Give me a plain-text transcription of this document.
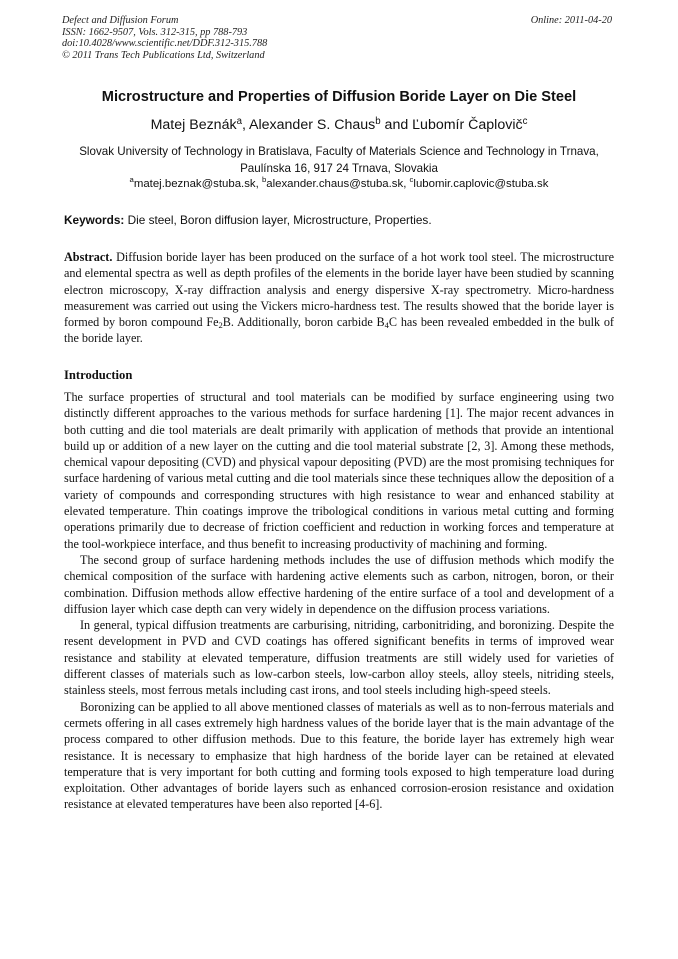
Defect and Diffusion Forum
ISSN: 1662-9507, Vols. 312-315, pp 788-793
doi:10.4028/www.scientific.net/DDF.312-315.788
© 2011 Trans Tech Publications Ltd, Switzerland
Online: 2011-04-20
Microstructure and Properties of Diffusion Boride Layer on Die Steel
Matej Beznák$^a$, Alexander S. Chaus$^b$ and Ľubomír Čaplovič$^c$
Slovak University of Technology in Bratislava, Faculty of Materials Science and Technology in Trnava, Paulínska 16, 917 24 Trnava, Slovakia
$^a$matej.beznak@stuba.sk, $^b$alexander.chaus@stuba.sk, $^c$lubomir.caplovic@stuba.sk
Keywords: Die steel, Boron diffusion layer, Microstructure, Properties.
Abstract. Diffusion boride layer has been produced on the surface of a hot work tool steel. The microstructure and elemental spectra as well as depth profiles of the elements in the boride layer have been studied by scanning electron microscopy, X-ray diffraction analysis and energy dispersive X-ray spectrometry. Micro-hardness measurement was carried out using the Vickers micro-hardness test. The results showed that the boride layer is formed by boron compound $Fe_2B$. Additionally, boron carbide $B_4C$ has been revealed embedded in the bulk of the boride layer.
Introduction

The surface properties of structural and tool materials can be modified by surface engineering using two distinctly different approaches to the various methods for surface hardening [1]. The major recent advances in both cutting and die tool materials are dealt primarily with application of methods that provide an intentional build up or addition of a new layer on the cutting and die tool material substrate [2, 3]. Among these methods, chemical vapour depositing (CVD) and physical vapour depositing (PVD) are the most promising techniques for surface hardening of various metal cutting and die tool materials since these techniques allow the deposition of a variety of compounds and corresponding structures with high resistance to wear and enhanced stability at elevated temperature. Thin coatings improve the tribological conditions in various metal cutting and forming operations primarily due to decrease of friction coefficient and reduction in working forces and temperature at the tool-workpiece interface, and thus benefit to increasing productivity of machining and forming.

The second group of surface hardening methods includes the use of diffusion methods which modify the chemical composition of the surface with hardening active elements such as carbon, nitrogen, boron, or their combination. Diffusion methods allow effective hardening of the entire surface of a tool and development of a diffusion layer which case depth can very widely in dependence on the diffusion process variations.

In general, typical diffusion treatments are carburising, nitriding, carbonitriding, and boronizing. Despite the resent development in PVD and CVD coatings has offered significant benefits in terms of improved wear resistance and stability at elevated temperature, diffusion treatments are still widely used for varieties of different classes of materials such as low-carbon steels, low-carbon alloy steels, alloy steels, nitriding steels, stainless steels, most ferrous metals including cast irons, and tool steels including high-speed steels.

Boronizing can be applied to all above mentioned classes of materials as well as to non-ferrous materials and cermets offering in all cases extremely high hardness values of the boride layer that is the main advantage of the process compared to other diffusion methods. Due to this feature, the boride layer has extremely high wear resistance. It is necessary to emphasize that high hardness of the boride layer can be retained at elevated temperature that is very important for both cutting and forming tools exposed to high temperature load during exploitation. Other advantages of boride layers such as enhanced corrosion-erosion resistance and oxidation resistance at elevated temperatures have been also reported [4-6].
